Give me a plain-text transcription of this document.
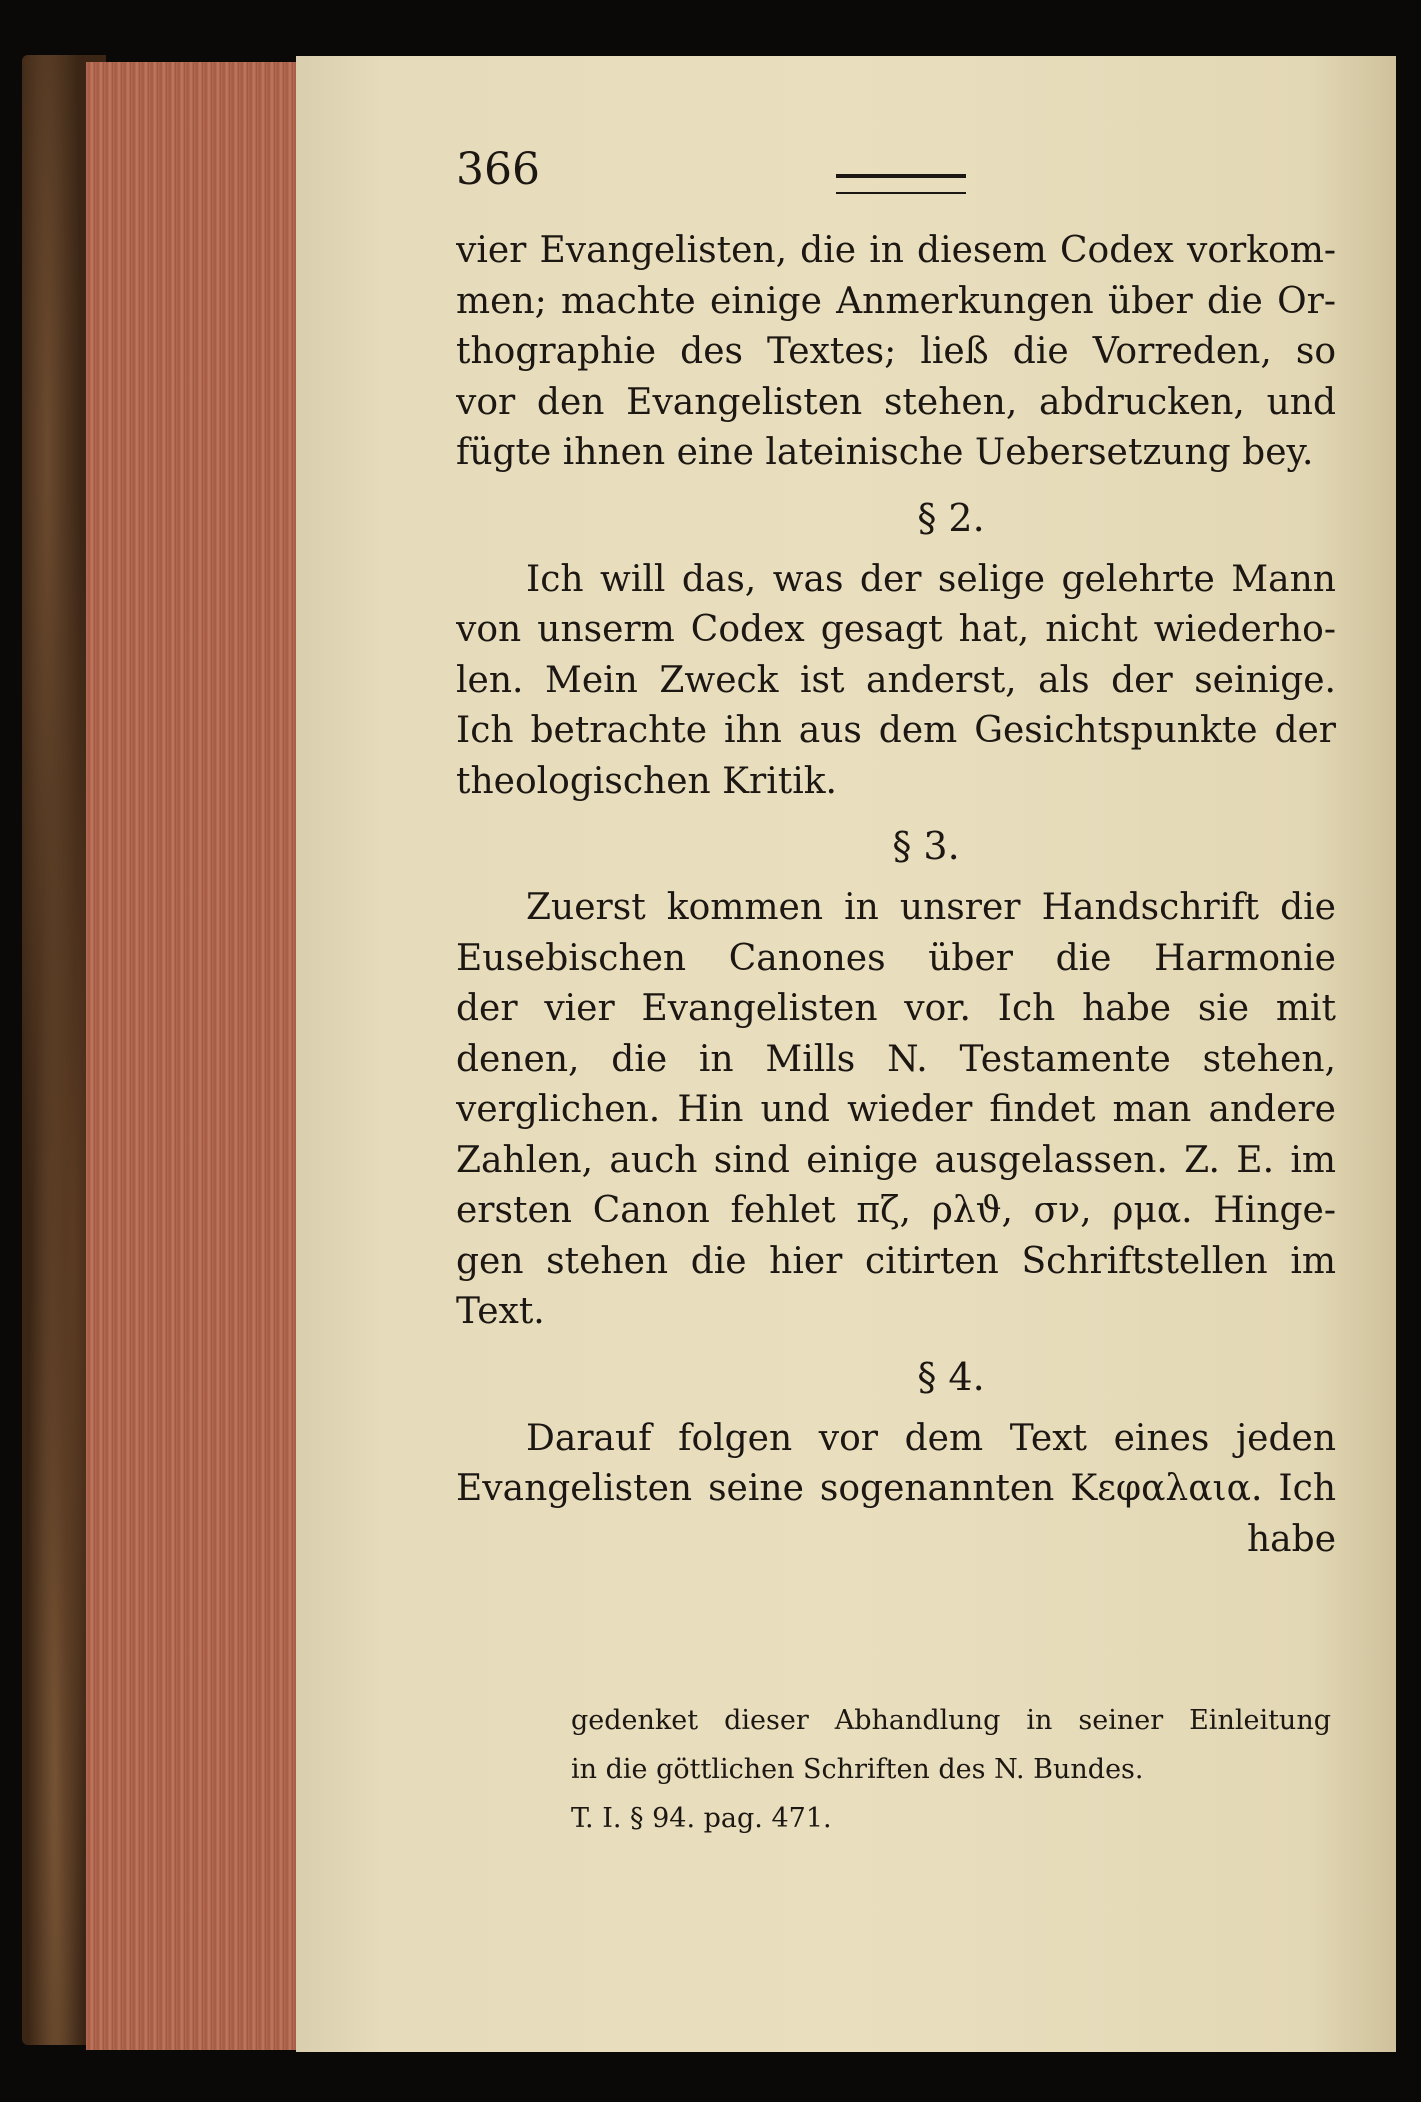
366
vier Evangelisten, die in diesem Codex vorkom-
men; machte einige Anmerkungen über die Or-
thographie des Textes; ließ die Vorreden, so
vor den Evangelisten stehen, abdrucken, und
fügte ihnen eine lateinische Uebersetzung bey.
§ 2.
Ich will das, was der selige gelehrte Mann
von unserm Codex gesagt hat, nicht wiederho-
len. Mein Zweck ist anderst, als der seinige.
Ich betrachte ihn aus dem Gesichtspunkte der
theologischen Kritik.
§ 3.
Zuerst kommen in unsrer Handschrift die
Eusebischen Canones über die Harmonie
der vier Evangelisten vor. Ich habe sie mit
denen, die in Mills N. Testamente stehen,
verglichen. Hin und wieder findet man andere
Zahlen, auch sind einige ausgelassen. Z. E. im
ersten Canon fehlet πζ, ρλϑ, σν, ρμα. Hinge-
gen stehen die hier citirten Schriftstellen im
Text.
§ 4.
Darauf folgen vor dem Text eines jeden
Evangelisten seine sogenannten Κεφαλαια. Ich
habe
gedenket dieser Abhandlung in seiner Einleitung
in die göttlichen Schriften des N. Bundes.
T. I. § 94. pag. 471.
